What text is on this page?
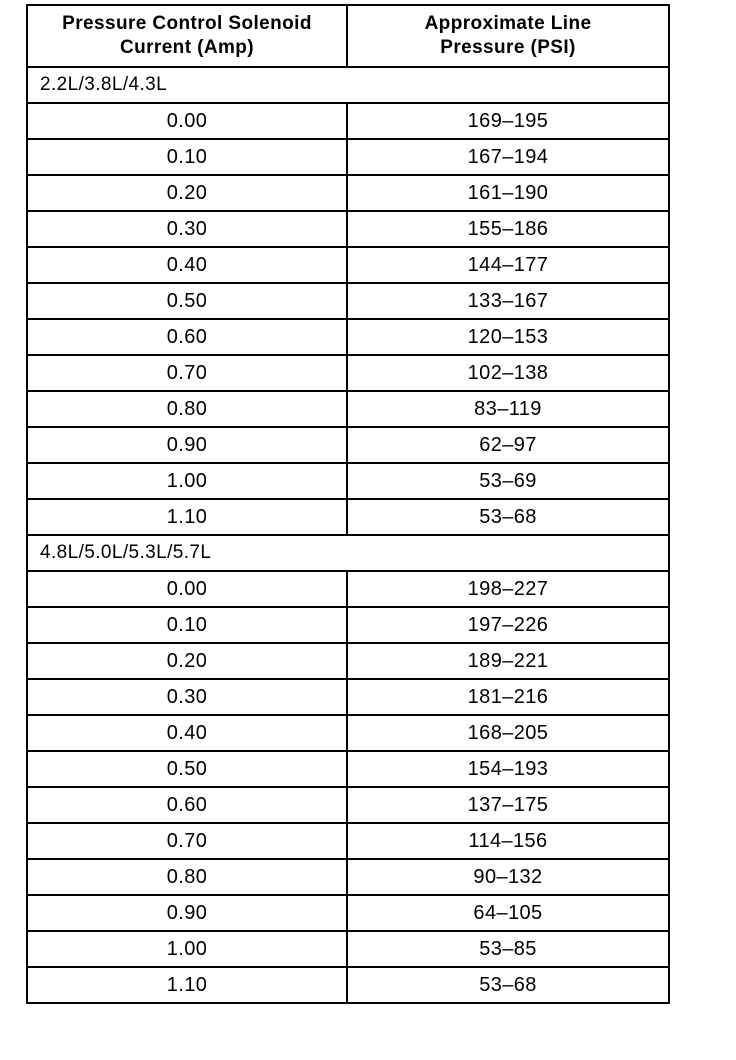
Pressure Control Solenoid
Current (Amp)	Approximate Line
Pressure (PSI)

2.2L/3.8L/4.3L	
0.00	169–195
0.10	167–194
0.20	161–190
0.30	155–186
0.40	144–177
0.50	133–167
0.60	120–153
0.70	102–138
0.80	83–119
0.90	62–97
1.00	53–69
1.10	53–68
4.8L/5.0L/5.3L/5.7L	
0.00	198–227
0.10	197–226
0.20	189–221
0.30	181–216
0.40	168–205
0.50	154–193
0.60	137–175
0.70	114–156
0.80	90–132
0.90	64–105
1.00	53–85
1.10	53–68
